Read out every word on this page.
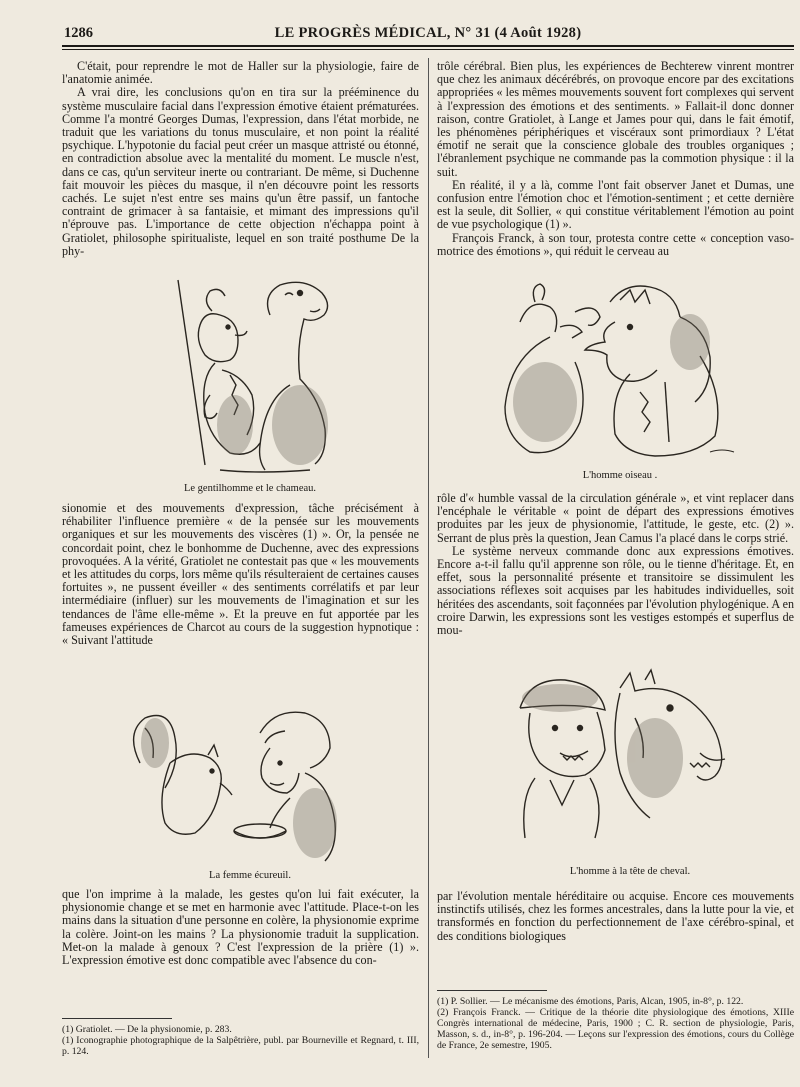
1286	LE PROGRÈS MÉDICAL, N° 31 (4 Août 1928)

C'était, pour reprendre le mot de Haller sur la physiologie, faire de l'anatomie animée.

A vrai dire, les conclusions qu'on en tira sur la prééminence du système musculaire facial dans l'expression émotive étaient prématurées. Comme l'a montré Georges Dumas, l'expression, dans l'état morbide, ne traduit que les variations du tonus musculaire, et non point la réalité psychique. L'hypotonie du facial peut créer un masque attristé ou étonné, en contradiction absolue avec la mentalité du moment. Le muscle n'est, dans ce cas, qu'un serviteur inerte ou contrariant. De même, si Duchenne fait mouvoir les pièces du masque, il n'en découvre point les ressorts cachés. Le sujet n'est entre ses mains qu'un être passif, un fantoche contraint de grimacer à sa fantaisie, et mimant des impressions qu'il n'éprouve pas. L'importance de cette objection n'échappa point à Gratiolet, philosophe spiritualiste, lequel en son traité posthume De la phy-

Le gentilhomme et le chameau.

sionomie et des mouvements d'expression, tâche précisément à réhabiliter l'influence première « de la pensée sur les mouvements organiques et sur les mouvements des viscères (1) ». Or, la pensée ne concordait point, chez le bonhomme de Duchenne, avec des expressions provoquées. A la vérité, Gratiolet ne contestait pas que « les mouvements et les attitudes du corps, lors même qu'ils résulteraient de certaines causes fortuites », ne pussent éveiller « des sentiments corrélatifs et par leur intermédiaire (influer) sur les mouvements de l'imagination et sur les tendances de l'âme elle-même ». Et la preuve en fut apportée par les fameuses expériences de Charcot au cours de la suggestion hypnotique : « Suivant l'attitude

La femme écureuil.

que l'on imprime à la malade, les gestes qu'on lui fait exécuter, la physionomie change et se met en harmonie avec l'attitude. Place-t-on les mains dans la situation d'une personne en colère, la physionomie exprime la colère. Joint-on les mains ? La physionomie traduit la supplication. Met-on la malade à genoux ? C'est l'expression de la prière (1) ». L'expression émotive est donc compatible avec l'absence du con-

(1) Gratiolet. — De la physionomie, p. 283.

(1) Iconographie photographique de la Salpêtrière, publ. par Bourneville et Regnard, t. III, p. 124.

trôle cérébral. Bien plus, les expériences de Bechterew vinrent montrer que chez les animaux décérébrés, on provoque encore par des excitations appropriées « les mêmes mouvements souvent fort complexes qui servent à l'expression des émotions et des sentiments. » Fallait-il donc donner raison, contre Gratiolet, à Lange et James pour qui, dans le fait émotif, les phénomènes périphériques et viscéraux sont primordiaux ? L'état émotif ne serait que la conscience globale des troubles organiques ; l'ébranlement psychique ne commande pas la commotion physique : il la suit.

En réalité, il y a là, comme l'ont fait observer Janet et Dumas, une confusion entre l'émotion choc et l'émotion-sentiment ; et cette dernière est la seule, dit Sollier, « qui constitue véritablement l'émotion au point de vue psychologique (1) ».

François Franck, à son tour, protesta contre cette « conception vaso-motrice des émotions », qui réduit le cerveau au

L'homme oiseau .

rôle d'« humble vassal de la circulation générale », et vint replacer dans l'encéphale le véritable « point de départ des expressions émotives produites par les jeux de physionomie, l'attitude, le geste, etc. (2) ». Serrant de plus près la question, Jean Camus l'a placé dans le corps strié.

Le système nerveux commande donc aux expressions émotives. Encore a-t-il fallu qu'il apprenne son rôle, ou le tienne d'héritage. Et, en effet, sous la personnalité présente et transitoire se dissimulent les associations réflexes soit acquises par les habitudes individuelles, soit héritées des ascendants, soit façonnées par l'évolution phylogénique. A en croire Darwin, les expressions sont les vestiges estompés et superflus de mou-

L'homme à la tête de cheval.

par l'évolution mentale héréditaire ou acquise. Encore ces mouvements instinctifs utilisés, chez les formes ancestrales, dans la lutte pour la vie, et transformés en fonction du perfectionnement de l'axe cérébro-spinal, et des conditions biologiques

(1) P. Sollier. — Le mécanisme des émotions, Paris, Alcan, 1905, in-8°, p. 122.

(2) François Franck. — Critique de la théorie dite physiologique des émotions, XIIIe Congrès international de médecine, Paris, 1900 ; C. R. section de physiologie, Paris, Masson, s. d., in-8°, p. 196-204. — Leçons sur l'expression des émotions, cours du Collège de France, 2e semestre, 1905.
